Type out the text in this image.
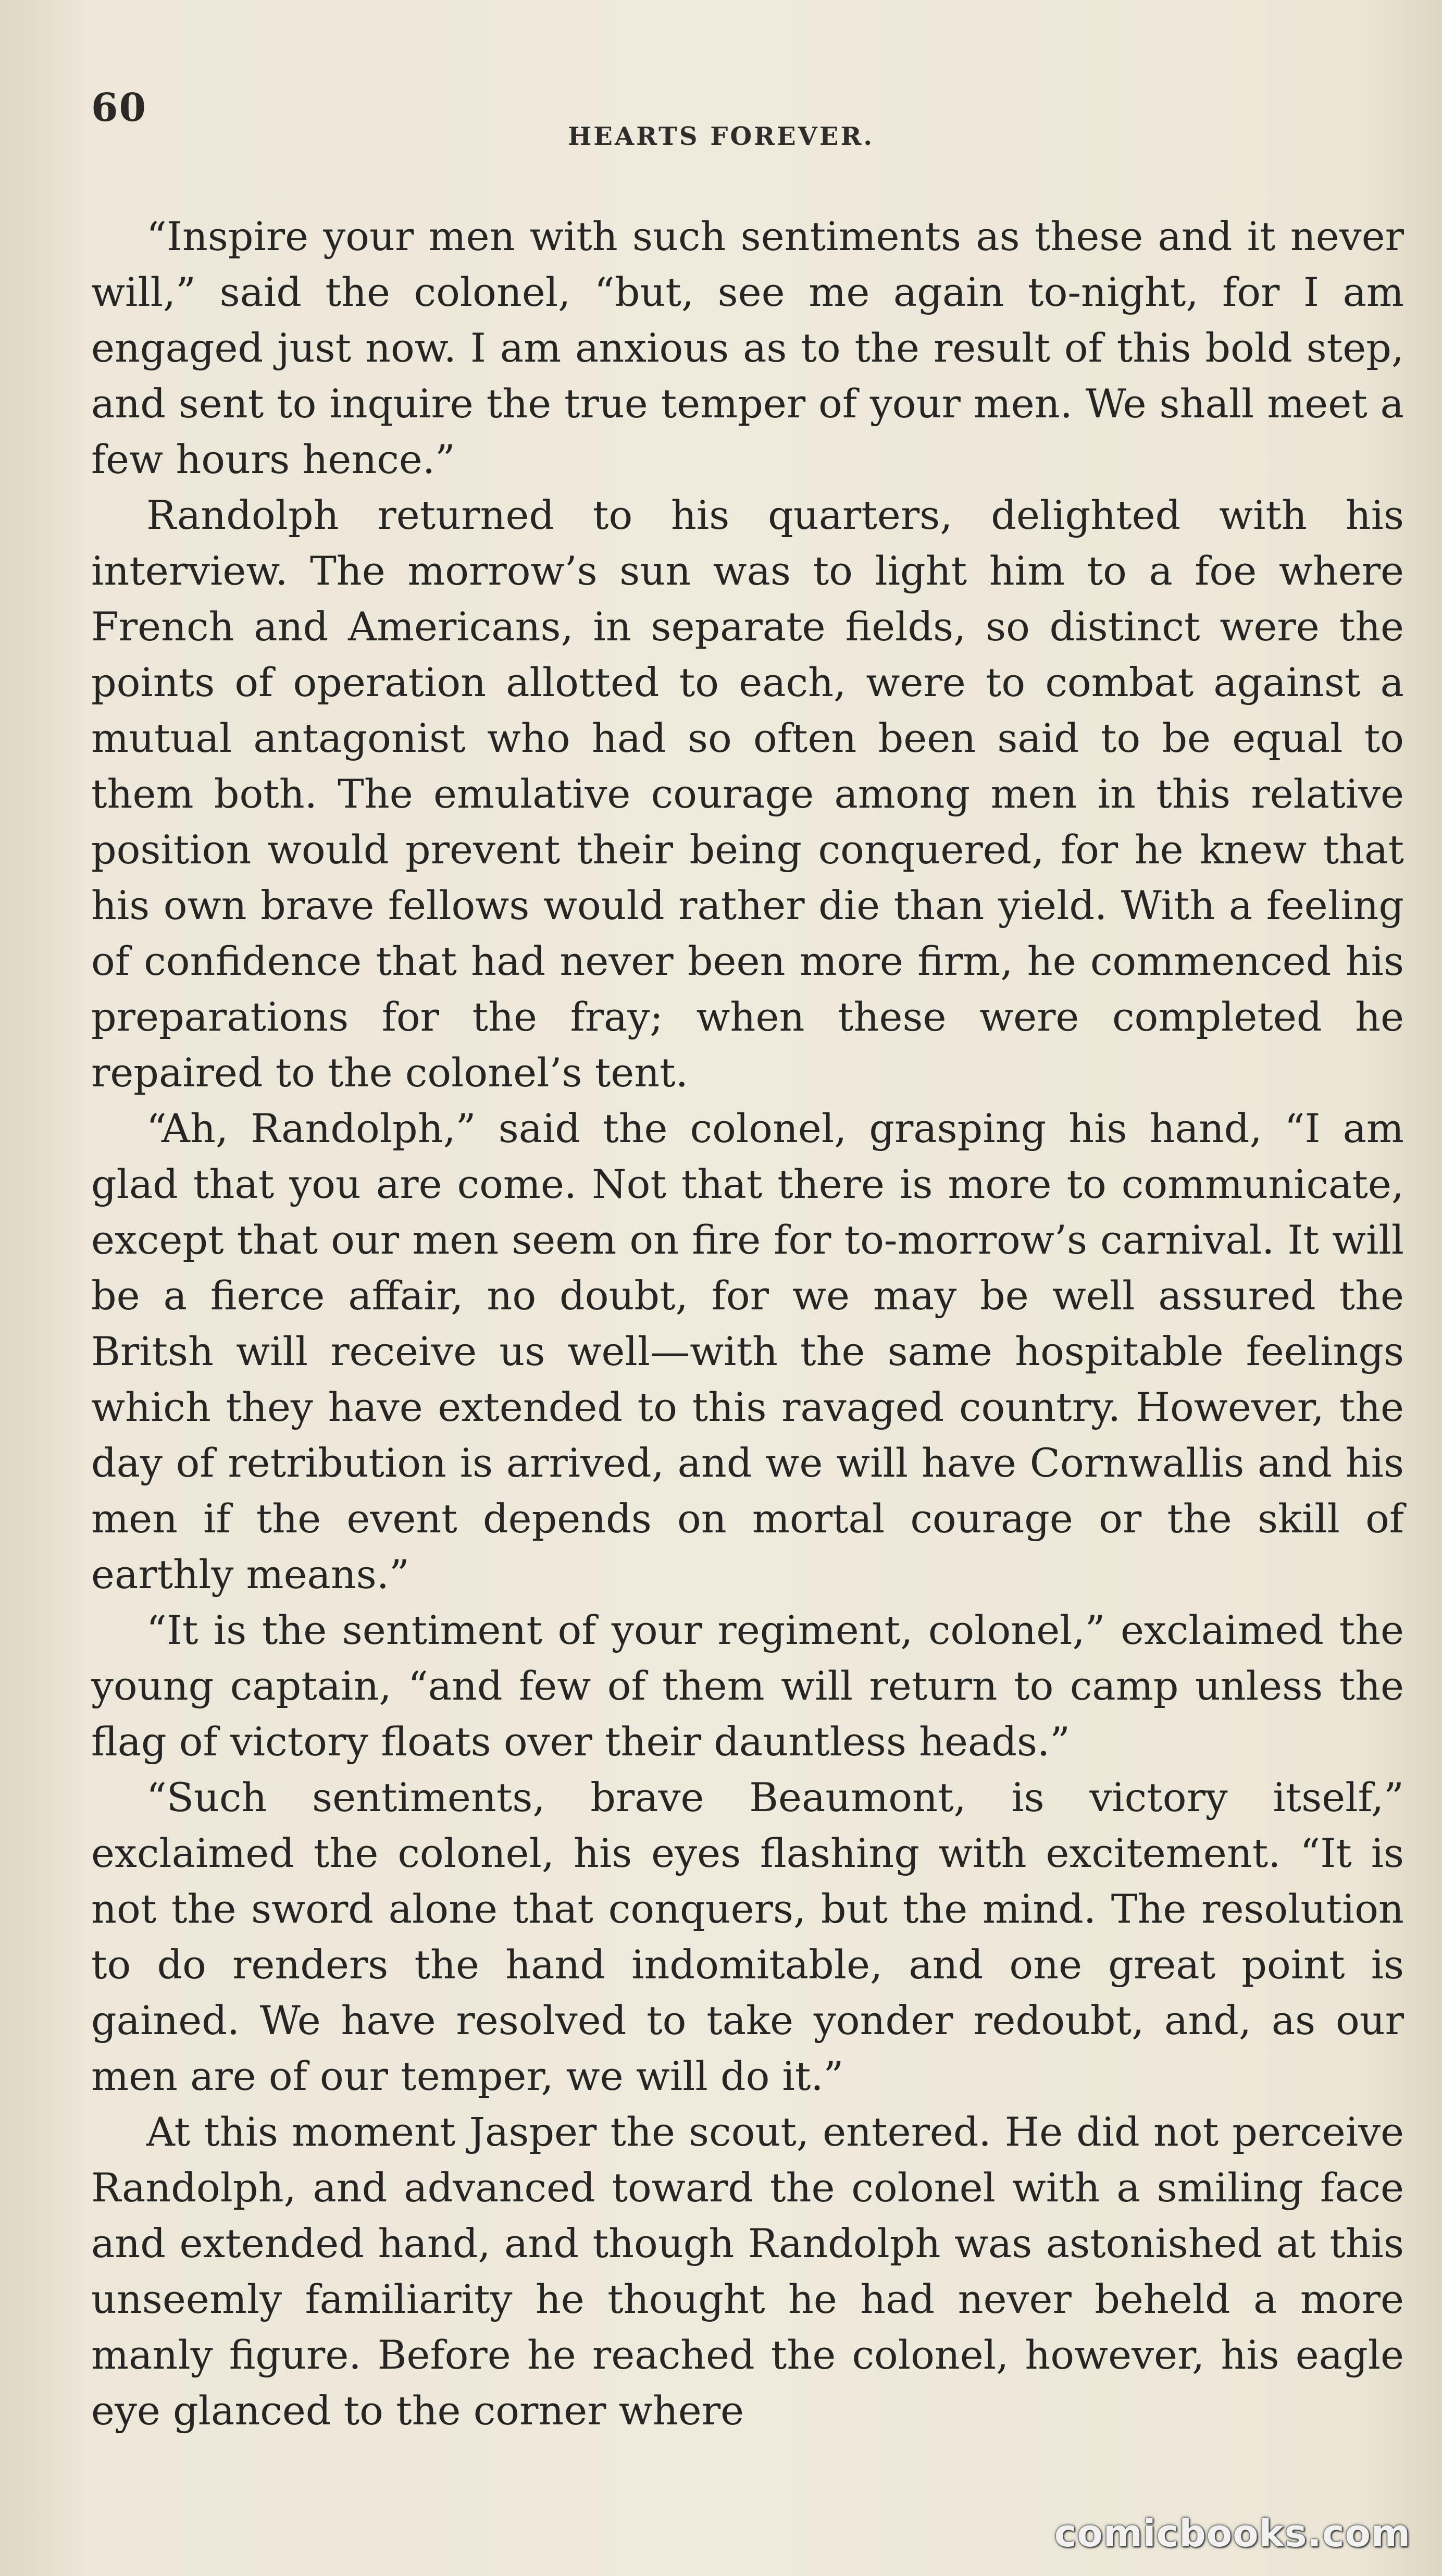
60
HEARTS FOREVER.

“Inspire your men with such sentiments as these and it never will,” said the colonel, “but, see me again to-night, for I am engaged just now. I am anxious as to the result of this bold step, and sent to inquire the true temper of your men. We shall meet a few hours hence.”

Randolph returned to his quarters, delighted with his interview. The morrow’s sun was to light him to a foe where French and Americans, in separate fields, so distinct were the points of operation allotted to each, were to combat against a mutual antagonist who had so often been said to be equal to them both. The emulative courage among men in this relative position would prevent their being conquered, for he knew that his own brave fellows would rather die than yield. With a feeling of confidence that had never been more firm, he commenced his preparations for the fray; when these were completed he repaired to the colonel’s tent.

“Ah, Randolph,” said the colonel, grasping his hand, “I am glad that you are come. Not that there is more to communicate, except that our men seem on fire for to-morrow’s carnival. It will be a fierce affair, no doubt, for we may be well assured the Britsh will receive us well—with the same hospitable feelings which they have extended to this ravaged country. However, the day of retribution is arrived, and we will have Cornwallis and his men if the event depends on mortal courage or the skill of earthly means.”

“It is the sentiment of your regiment, colonel,” exclaimed the young captain, “and few of them will return to camp unless the flag of victory floats over their dauntless heads.”

“Such sentiments, brave Beaumont, is victory itself,” exclaimed the colonel, his eyes flashing with excitement. “It is not the sword alone that conquers, but the mind. The resolution to do renders the hand indomitable, and one great point is gained. We have resolved to take yonder redoubt, and, as our men are of our temper, we will do it.”

At this moment Jasper the scout, entered. He did not perceive Randolph, and advanced toward the colonel with a smiling face and extended hand, and though Randolph was astonished at this unseemly familiarity he thought he had never beheld a more manly figure. Before he reached the colonel, however, his eagle eye glanced to the corner where

comicbooks.com
